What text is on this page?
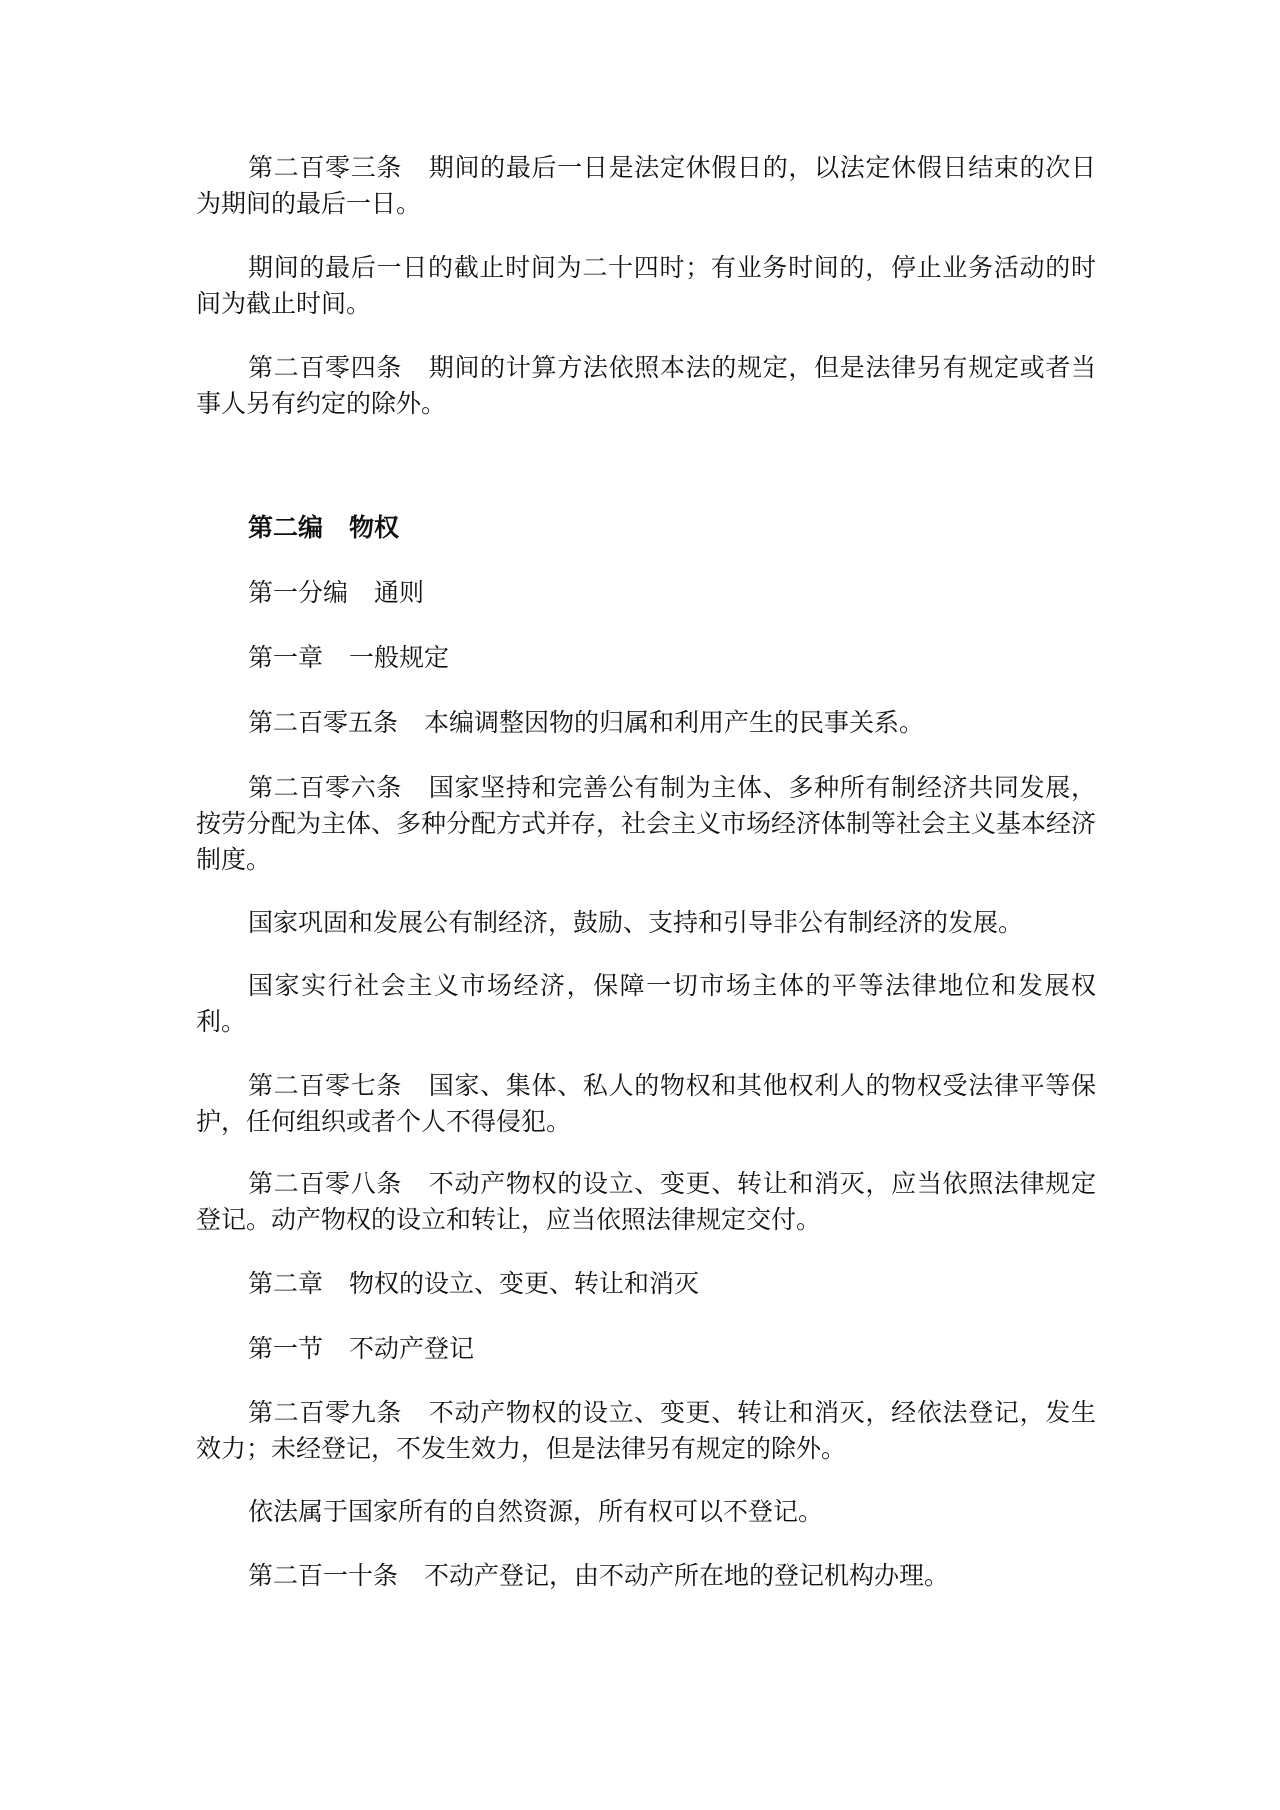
第二百零三条 期间的最后一日是法定休假日的，以法定休假日结束的次日为期间的最后一日。

期间的最后一日的截止时间为二十四时；有业务时间的，停止业务活动的时间为截止时间。

第二百零四条 期间的计算方法依照本法的规定，但是法律另有规定或者当事人另有约定的除外。

第二编 物权

第一分编 通则

第一章 一般规定

第二百零五条 本编调整因物的归属和利用产生的民事关系。

第二百零六条 国家坚持和完善公有制为主体、多种所有制经济共同发展，按劳分配为主体、多种分配方式并存，社会主义市场经济体制等社会主义基本经济制度。

国家巩固和发展公有制经济，鼓励、支持和引导非公有制经济的发展。

国家实行社会主义市场经济，保障一切市场主体的平等法律地位和发展权利。

第二百零七条 国家、集体、私人的物权和其他权利人的物权受法律平等保护，任何组织或者个人不得侵犯。

第二百零八条 不动产物权的设立、变更、转让和消灭，应当依照法律规定登记。动产物权的设立和转让，应当依照法律规定交付。

第二章 物权的设立、变更、转让和消灭

第一节 不动产登记

第二百零九条 不动产物权的设立、变更、转让和消灭，经依法登记，发生效力；未经登记，不发生效力，但是法律另有规定的除外。

依法属于国家所有的自然资源，所有权可以不登记。

第二百一十条 不动产登记，由不动产所在地的登记机构办理。
